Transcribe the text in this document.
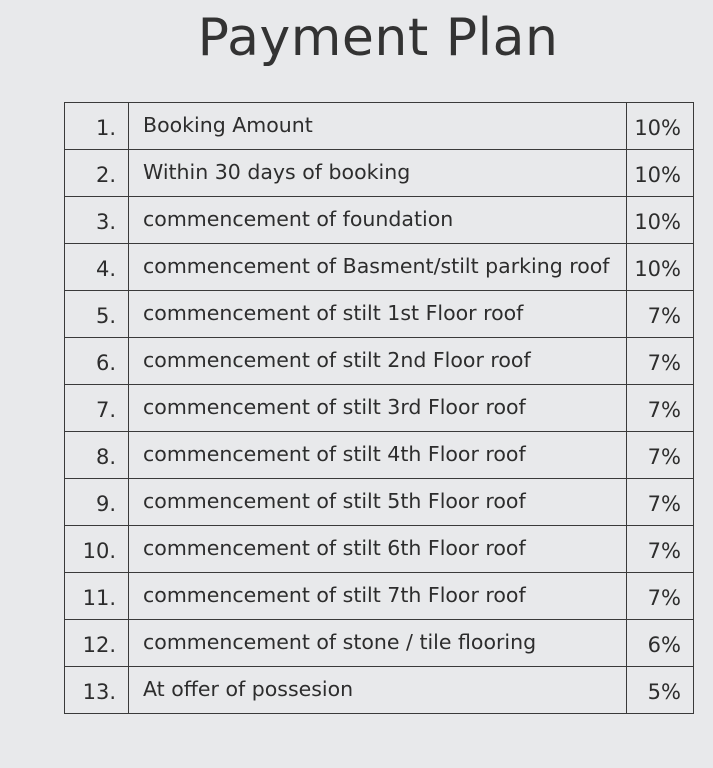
Payment Plan
1.	Booking Amount	10%
2.	Within 30 days of booking	10%
3.	commencement of foundation	10%
4.	commencement of Basment/stilt parking roof	10%
5.	commencement of stilt 1st Floor roof	7%
6.	commencement of stilt 2nd Floor roof	7%
7.	commencement of stilt 3rd Floor roof	7%
8.	commencement of stilt 4th Floor roof	7%
9.	commencement of stilt 5th Floor roof	7%
10.	commencement of stilt 6th Floor roof	7%
11.	commencement of stilt 7th Floor roof	7%
12.	commencement of stone / tile flooring	6%
13.	At offer of possesion	5%
